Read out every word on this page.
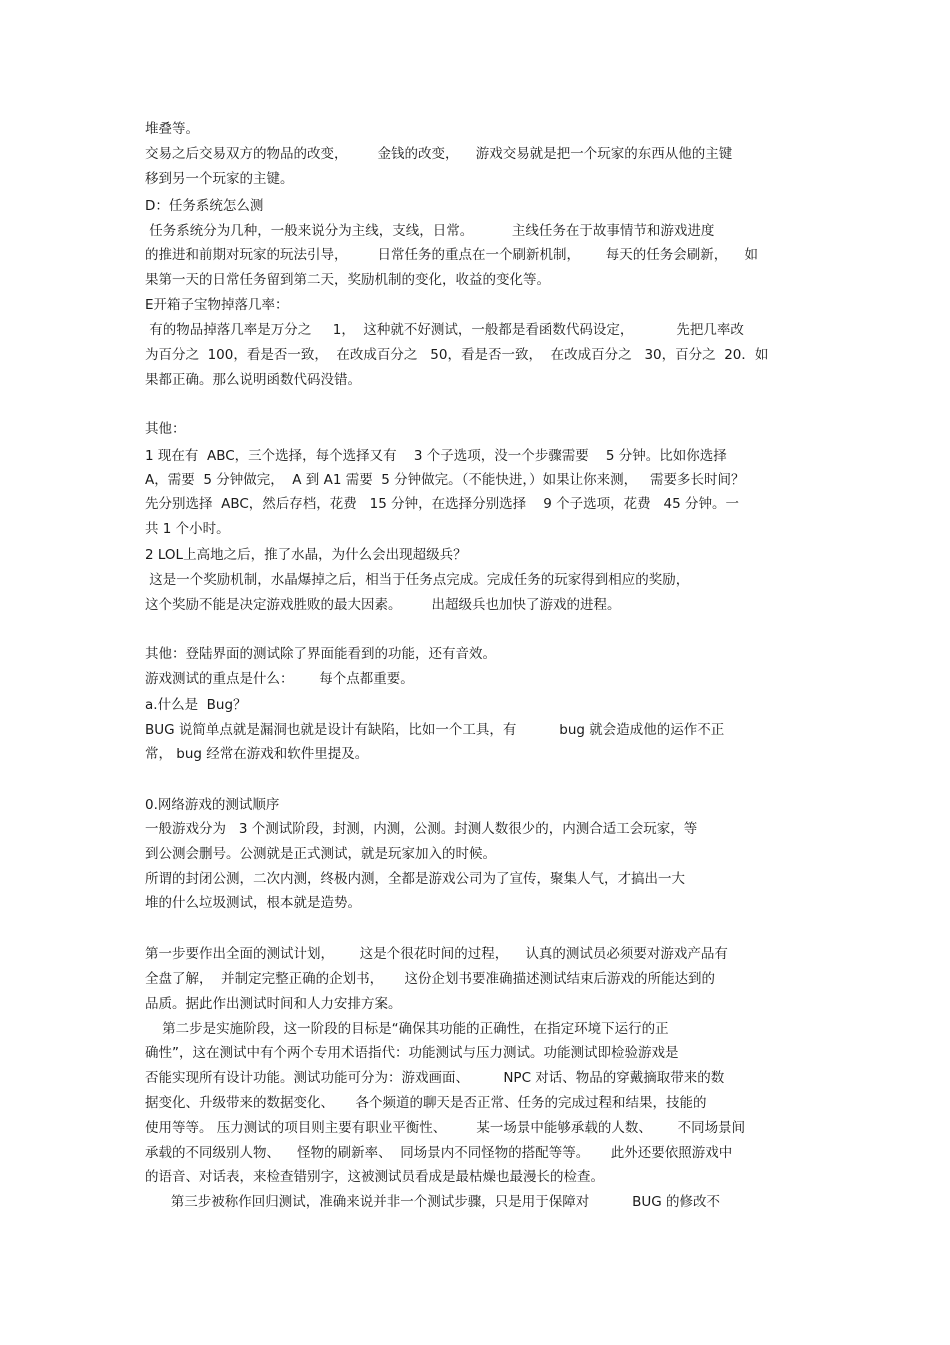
堆叠等。
交易之后交易双方的物品的改变，       金钱的改变，    游戏交易就是把一个玩家的东西从他的主键
移到另一个玩家的主键。
D：任务系统怎么测
任务系统分为几种，一般来说分为主线，支线，日常。         主线任务在于故事情节和游戏进度
的推进和前期对玩家的玩法引导，       日常任务的重点在一个刷新机制，      每天的任务会刷新，    如
果第一天的日常任务留到第二天，奖励机制的变化，收益的变化等。
E开箱子宝物掉落几率：
有的物品掉落几率是万分之     1，  这种就不好测试，一般都是看函数代码设定，          先把几率改
为百分之  100，看是否一致，  在改成百分之   50，看是否一致，  在改成百分之   30，百分之  20．如
果都正确。那么说明函数代码没错。
其他：
1 现在有  ABC，三个选择，每个选择又有    3 个子选项，没一个步骤需要    5 分钟。比如你选择
A，需要  5 分钟做完，  A 到 A1 需要  5 分钟做完。（不能快进，）如果让你来测，   需要多长时间？
先分别选择  ABC，然后存档，花费   15 分钟，在选择分别选择    9 个子选项，花费   45 分钟。一
共 1 个小时。
2 LOL上高地之后，推了水晶，为什么会出现超级兵？
这是一个奖励机制，水晶爆掉之后，相当于任务点完成。完成任务的玩家得到相应的奖励，
这个奖励不能是决定游戏胜败的最大因素。       出超级兵也加快了游戏的进程。
其他：登陆界面的测试除了界面能看到的功能，还有音效。
游戏测试的重点是什么：      每个点都重要。
a.什么是  Bug？
BUG 说简单点就是漏洞也就是设计有缺陷，比如一个工具，有          bug 就会造成他的运作不正
常， bug 经常在游戏和软件里提及。
0.网络游戏的测试顺序
一般游戏分为   3 个测试阶段，封测，内测，公测。封测人数很少的，内测合适工会玩家，等
到公测会删号。公测就是正式测试，就是玩家加入的时候。
所谓的封闭公测，二次内测，终极内测，全都是游戏公司为了宣传，聚集人气，才搞出一大
堆的什么垃圾测试，根本就是造势。
第一步要作出全面的测试计划，      这是个很花时间的过程，    认真的测试员必须要对游戏产品有
全盘了解，  并制定完整正确的企划书，     这份企划书要准确描述测试结束后游戏的所能达到的
品质。据此作出测试时间和人力安排方案。
第二步是实施阶段，这一阶段的目标是“确保其功能的正确性，在指定环境下运行的正
确性”，这在测试中有个两个专用术语指代：功能测试与压力测试。功能测试即检验游戏是
否能实现所有设计功能。测试功能可分为：游戏画面、        NPC 对话、物品的穿戴摘取带来的数
据变化、升级带来的数据变化、     各个频道的聊天是否正常、任务的完成过程和结果，技能的
使用等等。 压力测试的项目则主要有职业平衡性、       某一场景中能够承载的人数、      不同场景间
承载的不同级别人物、    怪物的刷新率、  同场景内不同怪物的搭配等等。     此外还要依照游戏中
的语音、对话表，来检查错别字，这被测试员看成是最枯燥也最漫长的检查。
第三步被称作回归测试，准确来说并非一个测试步骤，只是用于保障对          BUG 的修改不
